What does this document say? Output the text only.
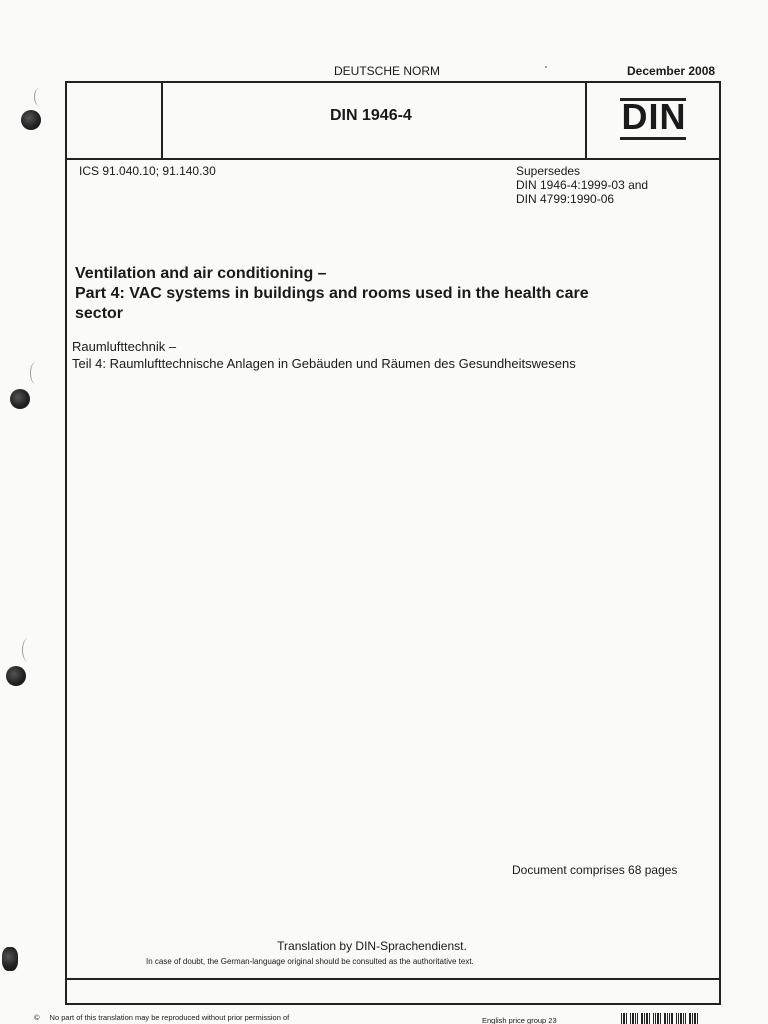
DEUTSCHE NORM	December 2008
DIN 1946-4	DIN
ICS 91.040.10; 91.140.30	Supersedes
DIN 1946-4:1999-03 and
DIN 4799:1990-06
Ventilation and air conditioning –
Part 4: VAC systems in buildings and rooms used in the health care
sector
Raumlufttechnik –
Teil 4: Raumlufttechnische Anlagen in Gebäuden und Räumen des Gesundheitswesens
Document comprises 68 pages
Translation by DIN-Sprachendienst.
In case of doubt, the German-language original should be consulted as the authoritative text.
© No part of this translation may be reproduced without prior permission of	English price group 23
